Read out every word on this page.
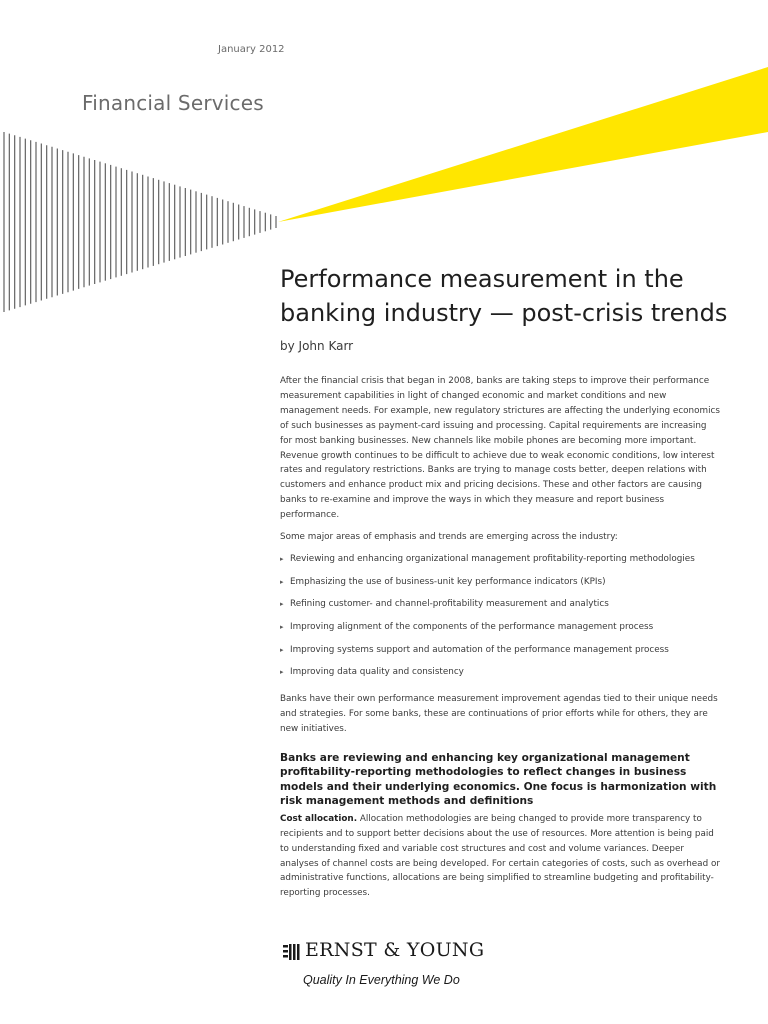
January 2012
Financial Services
Performance measurement in the
banking industry — post-crisis trends
by John Karr

After the financial crisis that began in 2008, banks are taking steps to improve their performance measurement capabilities in light of changed economic and market conditions and new management needs. For example, new regulatory strictures are affecting the underlying economics of such businesses as payment-card issuing and processing. Capital requirements are increasing for most banking businesses. New channels like mobile phones are becoming more important. Revenue growth continues to be difficult to achieve due to weak economic conditions, low interest rates and regulatory restrictions. Banks are trying to manage costs better, deepen relations with customers and enhance product mix and pricing decisions. These and other factors are causing banks to re-examine and improve the ways in which they measure and report business performance.

Some major areas of emphasis and trends are emerging across the industry:

▸ Reviewing and enhancing organizational management profitability-reporting methodologies
▸ Emphasizing the use of business-unit key performance indicators (KPIs)
▸ Refining customer- and channel-profitability measurement and analytics
▸ Improving alignment of the components of the performance management process
▸ Improving systems support and automation of the performance management process
▸ Improving data quality and consistency

Banks have their own performance measurement improvement agendas tied to their unique needs and strategies. For some banks, these are continuations of prior efforts while for others, they are new initiatives.

Banks are reviewing and enhancing key organizational management profitability-reporting methodologies to reflect changes in business models and their underlying economics. One focus is harmonization with risk management methods and definitions

Cost allocation. Allocation methodologies are being changed to provide more transparency to recipients and to support better decisions about the use of resources. More attention is being paid to understanding fixed and variable cost structures and cost and volume variances. Deeper analyses of channel costs are being developed. For certain categories of costs, such as overhead or administrative functions, allocations are being simplified to streamline budgeting and profitability-reporting processes.

ERNST & YOUNG
Quality In Everything We Do
